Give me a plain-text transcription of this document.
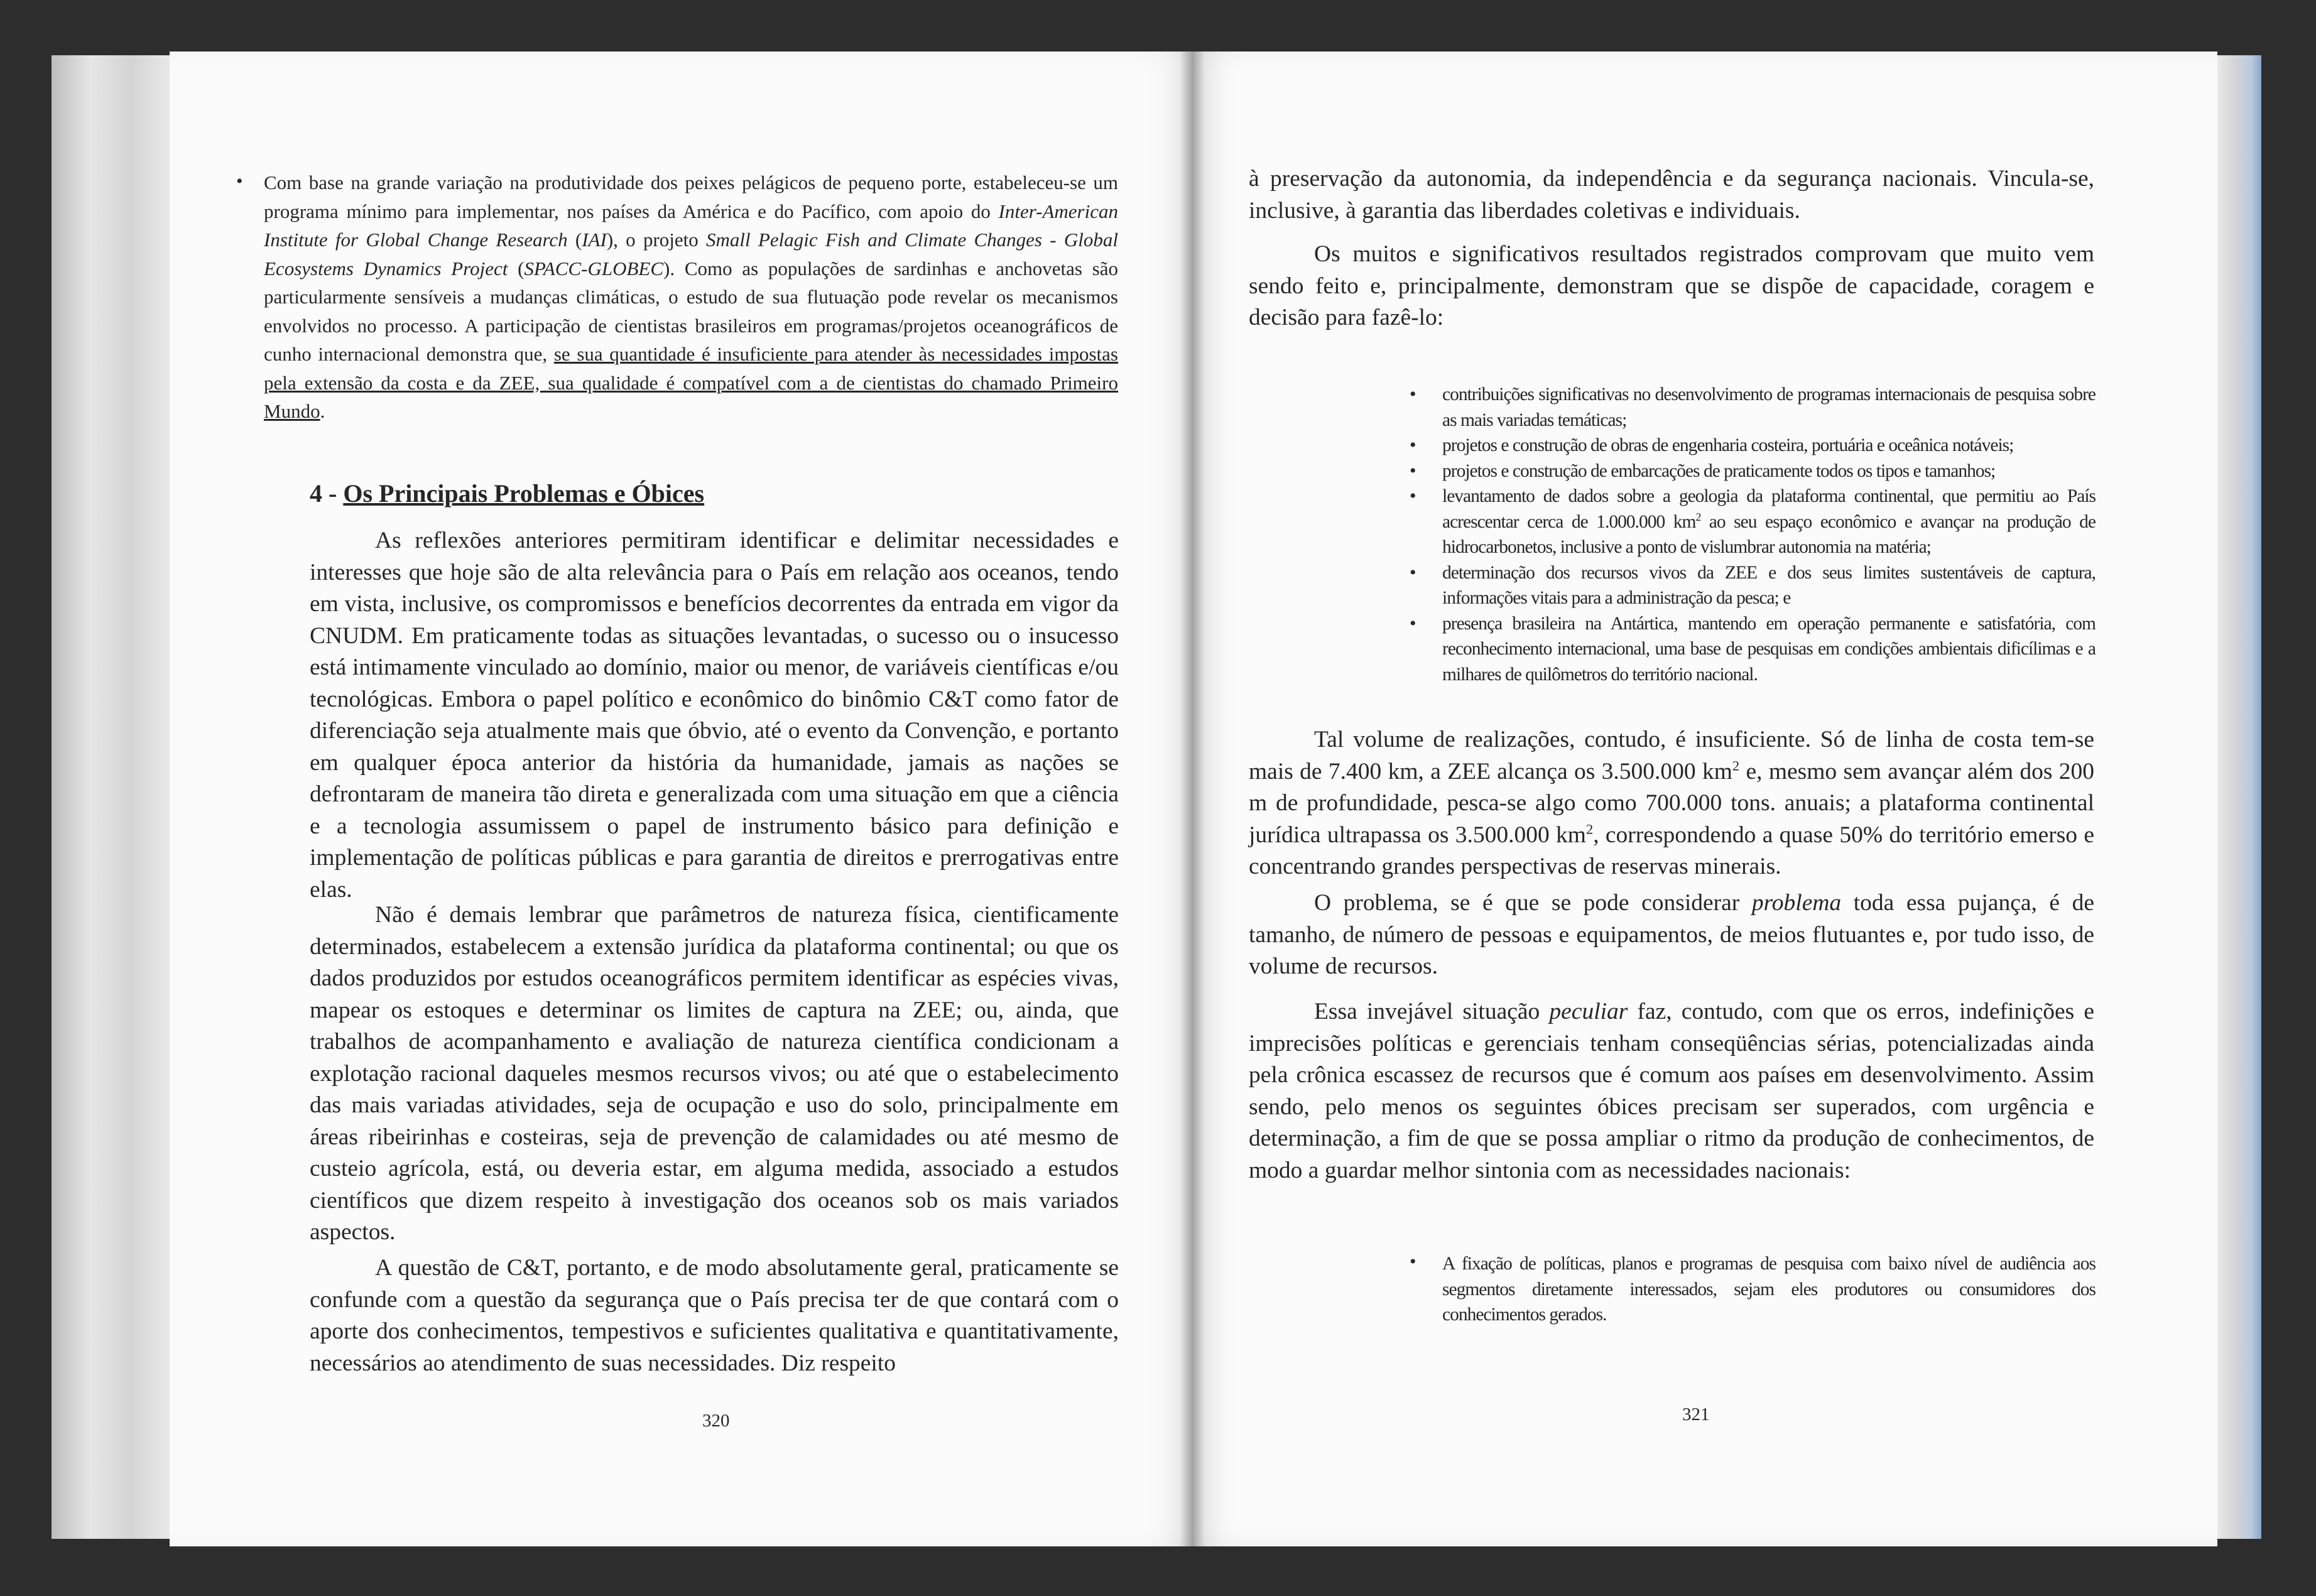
• Com base na grande variação na produtividade dos peixes pelágicos de pequeno porte, estabeleceu-se um programa mínimo para implementar, nos países da América e do Pacífico, com apoio do Inter-American Institute for Global Change Research (IAI), o projeto Small Pelagic Fish and Climate Changes - Global Ecosystems Dynamics Project (SPACC-GLOBEC). Como as populações de sardinhas e anchovetas são particularmente sensíveis a mudanças climáticas, o estudo de sua flutuação pode revelar os mecanismos envolvidos no processo. A participação de cientistas brasileiros em programas/projetos oceanográficos de cunho internacional demonstra que, se sua quantidade é insuficiente para atender às necessidades impostas pela extensão da costa e da ZEE, sua qualidade é compatível com a de cientistas do chamado Primeiro Mundo.
4 - Os Principais Problemas e Óbices
As reflexões anteriores permitiram identificar e delimitar necessidades e interesses que hoje são de alta relevância para o País em relação aos oceanos, tendo em vista, inclusive, os compromissos e benefícios decorrentes da entrada em vigor da CNUDM. Em praticamente todas as situações levantadas, o sucesso ou o insucesso está intimamente vinculado ao domínio, maior ou menor, de variáveis científicas e/ou tecnológicas. Embora o papel político e econômico do binômio C&T como fator de diferenciação seja atualmente mais que óbvio, até o evento da Convenção, e portanto em qualquer época anterior da história da humanidade, jamais as nações se defrontaram de maneira tão direta e generalizada com uma situação em que a ciência e a tecnologia assumissem o papel de instrumento básico para definição e implementação de políticas públicas e para garantia de direitos e prerrogativas entre elas.
Não é demais lembrar que parâmetros de natureza física, cientificamente determinados, estabelecem a extensão jurídica da plataforma continental; ou que os dados produzidos por estudos oceanográficos permitem identificar as espécies vivas, mapear os estoques e determinar os limites de captura na ZEE; ou, ainda, que trabalhos de acompanhamento e avaliação de natureza científica condicionam a explotação racional daqueles mesmos recursos vivos; ou até que o estabelecimento das mais variadas atividades, seja de ocupação e uso do solo, principalmente em áreas ribeirinhas e costeiras, seja de prevenção de calamidades ou até mesmo de custeio agrícola, está, ou deveria estar, em alguma medida, associado a estudos científicos que dizem respeito à investigação dos oceanos sob os mais variados aspectos.
A questão de C&T, portanto, e de modo absolutamente geral, praticamente se confunde com a questão da segurança que o País precisa ter de que contará com o aporte dos conhecimentos, tempestivos e suficientes qualitativa e quantitativamente, necessários ao atendimento de suas necessidades. Diz respeito
320
à preservação da autonomia, da independência e da segurança nacionais. Vincula-se, inclusive, à garantia das liberdades coletivas e individuais.
Os muitos e significativos resultados registrados comprovam que muito vem sendo feito e, principalmente, demonstram que se dispõe de capacidade, coragem e decisão para fazê-lo:
• contribuições significativas no desenvolvimento de programas internacionais de pesquisa sobre as mais variadas temáticas;
• projetos e construção de obras de engenharia costeira, portuária e oceânica notáveis;
• projetos e construção de embarcações de praticamente todos os tipos e tamanhos;
• levantamento de dados sobre a geologia da plataforma continental, que permitiu ao País acrescentar cerca de 1.000.000 $km^2$ ao seu espaço econômico e avançar na produção de hidrocarbonetos, inclusive a ponto de vislumbrar autonomia na matéria;
• determinação dos recursos vivos da ZEE e dos seus limites sustentáveis de captura, informações vitais para a administração da pesca; e
• presença brasileira na Antártica, mantendo em operação permanente e satisfatória, com reconhecimento internacional, uma base de pesquisas em condições ambientais dificílimas e a milhares de quilômetros do território nacional.
Tal volume de realizações, contudo, é insuficiente. Só de linha de costa tem-se mais de 7.400 km, a ZEE alcança os 3.500.000 $km^2$ e, mesmo sem avançar além dos 200 m de profundidade, pesca-se algo como 700.000 tons. anuais; a plataforma continental jurídica ultrapassa os 3.500.000 $km^2$, correspondendo a quase 50% do território emerso e concentrando grandes perspectivas de reservas minerais.
O problema, se é que se pode considerar problema toda essa pujança, é de tamanho, de número de pessoas e equipamentos, de meios flutuantes e, por tudo isso, de volume de recursos.
Essa invejável situação peculiar faz, contudo, com que os erros, indefinições e imprecisões políticas e gerenciais tenham conseqüências sérias, potencializadas ainda pela crônica escassez de recursos que é comum aos países em desenvolvimento. Assim sendo, pelo menos os seguintes óbices precisam ser superados, com urgência e determinação, a fim de que se possa ampliar o ritmo da produção de conhecimentos, de modo a guardar melhor sintonia com as necessidades nacionais:
• A fixação de políticas, planos e programas de pesquisa com baixo nível de audiência aos segmentos diretamente interessados, sejam eles produtores ou consumidores dos conhecimentos gerados.
321
